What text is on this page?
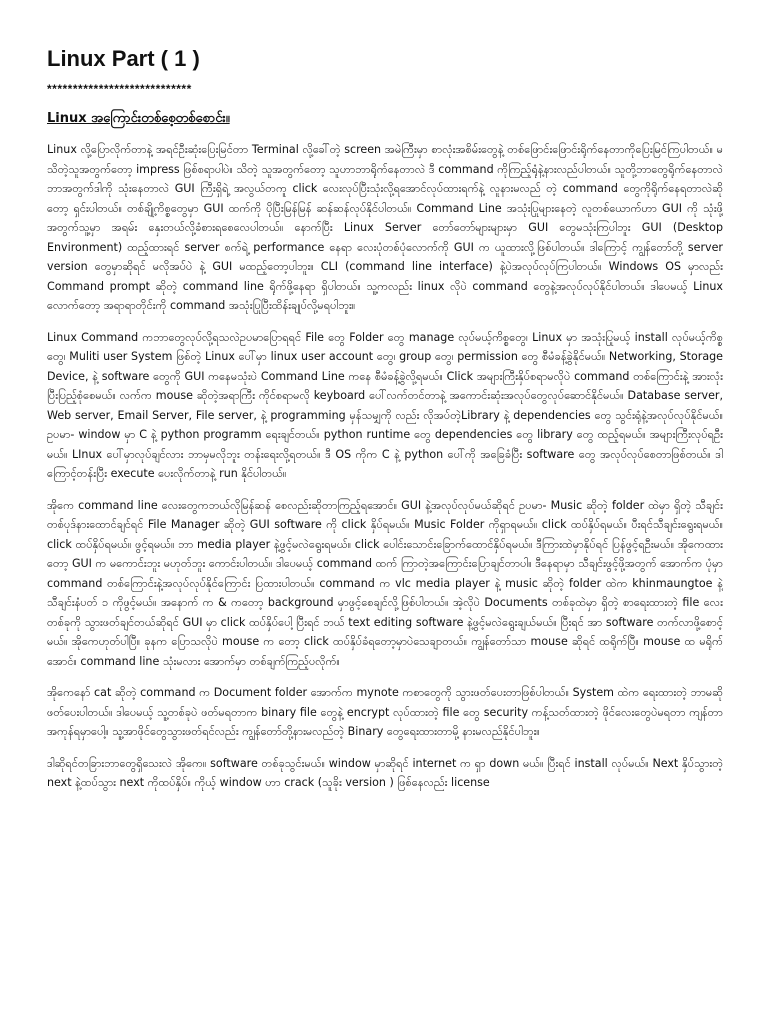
Linux Part ( 1 )
****************************
Linux အကြောင်းတစ်စေ့တစ်စောင်း။

Linux လို့ပြောလိုက်တာနဲ့ အရင်ဦးဆုံးပြေးမြင်တာ Terminal လို့ခေါ်တဲ့ screen အမဲကြီးမှာ စာလုံးအစိမ်းတွေနဲ့ တစ်ဖြောင်းဖြောင်းရိုက်နေတာကိုပြေးမြင်ကြပါတယ်။ မသိတဲ့သူအတွက်တော့ impress ဖြစ်စရာပါပဲ။ သိတဲ့ သူအတွက်တော့ သူဟာဘာရိုက်နေတာလဲ ဒီ command ကိုကြည့်ရုံနဲ့နားလည်ပါတယ်။ သူတို့ဘာတွေရိုက်နေတာလဲ ဘာအတွက်ဒါကို သုံးနေတာလဲ GUI ကြီးရှိရဲ့ အလွယ်တကူ click လေးလုပ်ပြီးသုံးလို့ရအောင်လုပ်ထားရက်နဲ့ လူနားမလည် တဲ့ command တွေကိုရိုက်နေရတာလဲဆိုတော့ ရှင်းပါတယ်။ တစ်ချို့ကိစ္စတွေမှာ GUI ထက်ကို ပိုပြီးမြန်မြန် ဆန်ဆန်လုပ်နိုင်ပါတယ်။ Command Line အသုံးပြုများနေတဲ့ လူတစ်ယောက်ဟာ GUI ကို သုံးဖို့အတွက်သူ့မှာ အရမ်း နှေးတယ်လို့ခံစားရစေလေပါတယ်။ နောက်ပြီး Linux Server တော်တော်များများမှာ GUI တွေမသုံးကြပါဘူး GUI (Desktop Environment) ထည့်ထားရင် server စက်ရဲ့ performance နေရာ လေးပုံတစ်ပုံလောက်ကို GUI က ယူထားလို့ဖြစ်ပါတယ်။ ဒါကြောင့် ကျွန်တော်တို့ server version တွေမှာဆိုရင် မလိုအပ်ပဲ နဲ့ GUI မထည့်တော့ပါဘူး။ CLI (command line interface) နဲ့ပဲအလုပ်လုပ်ကြပါတယ်။ Windows OS မှာလည်း Command prompt ဆိုတဲ့ command line ရိုက်ဖို့နေရာ ရှိပါတယ်။ သူ့ကလည်း linux လိုပဲ command တွေနဲ့အလုပ်လုပ်နိုင်ပါတယ်။ ဒါပေမယ့် Linux လောက်တော့ အရာရာတိုင်းကို command အသုံးပြုပြီးထိန်းချုပ်လို့မရပါဘူး။

Linux Command ကဘာတွေလုပ်လို့ရသလဲဥပမာပြောရရင် File တွေ Folder တွေ manage လုပ်မယ့်ကိစ္စတွေ၊ Linux မှာ အသုံးပြုမယ့် install လုပ်မယ့်ကိစ္စတွေ၊ Muliti user System ဖြစ်တဲ့ Linux ပေါ်မှာ linux user account တွေ၊ group တွေ၊ permission တွေ စီမံခန့်ခွဲနိုင်မယ်။ Networking, Storage Device, နဲ့ software တွေကို GUI ကနေမသုံးပဲ Command Line ကနေ စီမံခန့်ခွဲလို့ရမယ်။ Click အများကြီးနှိပ်စရာမလိုပဲ command တစ်ကြောင်းနဲ့ အားလုံးပြီးပြည့်စုံစေမယ်။ လက်က mouse ဆိုတဲ့အရာကြီး ကိုင်စရာမလို keyboard ပေါ်လက်တင်တာနဲ့ အကောင်းဆုံးအလုပ်တွေလုပ်ဆောင်နိုင်မယ်။ Database server, Web server, Email Server, File server, နဲ့ programming မှန်သမျှကို လည်း လိုအပ်တဲ့Library နဲ့ dependencies တွေ သွင်းရုံနဲ့အလုပ်လုပ်နိုင်မယ်။ ဥပမာ- window မှာ C နဲ့ python programm ရေးချင်တယ်။ python runtime တွေ dependencies တွေ library တွေ ထည့်ရမယ်။ အများကြီးလုပ်ရဦးမယ်။ LInux ပေါ်မှာလုပ်ချင်လား ဘာမှမလိုဘူး တန်းရေးလို့ရတယ်။ ဒီ OS ကိုက C နဲ့ python ပေါ်ကို အခြေခံပြီး software တွေ အလုပ်လုပ်စေတာဖြစ်တယ်။ ဒါကြောင့်တန်းပြီး execute ပေးလိုက်တာနဲ့ run နိုင်ပါတယ်။

အိုကေ command line လေးတွေကဘယ်လိုမြန်ဆန် စေလည်းဆိုတာကြည့်ရအောင်။ GUI နဲ့အလုပ်လုပ်မယ်ဆိုရင် ဥပမာ- Music ဆိုတဲ့ folder ထဲမှာ ရှိတဲ့ သီချင်းတစ်ပုဒ်နားထောင်ချင်ရင် File Manager ဆိုတဲ့ GUI software ကို click နှိပ်ရမယ်။ Music Folder ကိုရှာရမယ်။ click ထပ်နှိပ်ရမယ်။ ပီးရင်သီချင်းရွေးရမယ်။ click ထပ်နှိပ်ရမယ်။ ဖွင့်ရမယ်။ ဘာ media player နဲ့ဖွင့်မလဲရွေးရမယ်။ click ပေါင်းသောင်းခြောက်ထောင်နှိပ်ရမယ်။ ဒီကြားထဲမှာနိုပ်ရင် ပြန်ဖွင့်ရဦးမယ်။ အိုကေထားတော့ GUI က မကောင်းဘူး မဟုတ်ဘူး ကောင်းပါတယ်။ ဒါပေမယ့် command ထက် ကြာတဲ့အကြောင်းပြောချင်တာပါ။ ဒီနေရာမှာ သီချင်းဖွင့်ဖို့အတွက် အောက်က ပုံမှာ command တစ်ကြောင်းနဲ့အလုပ်လုပ်နိုင်ကြောင်း ပြထားပါတယ်။ command က vlc media player နဲ့ music ဆိုတဲ့ folder ထဲက khinmaungtoe နဲ့ သီချင်းနံပတ် ၁ ကိုဖွင့်မယ်။ အနောက် က & ကတော့ background မှာဖွင့်စေချင်လို့ဖြစ်ပါတယ်။ အဲ့လိုပဲ Documents တစ်ခုထဲမှာ ရှိတဲ့ စာရေးထားတဲ့ file လေးတစ်ခုကို သွားဖတ်ချင်တယ်ဆိုရင် GUI မှာ click ထပ်နှိပ်ပေါ့ ပြီးရင် ဘယ် text editing software နဲ့ဖွင့်မလဲရွေးချယ်မယ်။ ပြီးရင် အာ software တက်လာဖို့စောင့်မယ်။ အိုကေဟုတ်ပါပြီ။ ခုနက ပြောသလိုပဲ mouse က တော့ click ထပ်နှိပ်ခံရတော့မှာပဲသေချာတယ်။ ကျွန်တော်သာ mouse ဆိုရင် ထရိုက်ပြီ။ mouse ထ မရိုက်အောင်။ command line သုံးမလား အောက်မှာ တစ်ချက်ကြည့်ပလိုက်။

အိုကေနော် cat ဆိုတဲ့ command က Document folder အောက်က mynote ကစာတွေကို သွားဖတ်ပေးတာဖြစ်ပါတယ်။ System ထဲက ရေးထားတဲ့ ဘာမဆိုဖတ်ပေးပါတယ်။ ဒါပေမယ့် သူ့တစ်ခုပဲ ဖတ်မရတာက binary file တွေနဲ့ encrypt လုပ်ထားတဲ့ file တွေ security ကန့်သတ်ထားတဲ့ ဖိုင်လေးတွေပဲမရတာ ကျန်တာအကုန်ရမှာပေါ့။ သူ့အာဖိုင်တွေသွားဖတ်ရင်လည်း ကျွန်တော်တို့နားမလည်တဲ့ Binary တွေရေးထားတာမို့ နားမလည်နိုင်ပါဘူး။

ဒါဆိုရင်တခြားဘာတွေရှိသေးလဲ အိုကေ။ software တစ်ခုသွင်းမယ်။ window မှာဆိုရင် internet က ရှာ down မယ်။ ပြီးရင် install လုပ်မယ်။ Next နှိပ်သွားတဲ့ next နဲ့ထပ်သွား next ကိုထပ်နှိပ်။ ကိုယ့် window ဟာ crack (သူခိုး version ) ဖြစ်နေလည်း license
